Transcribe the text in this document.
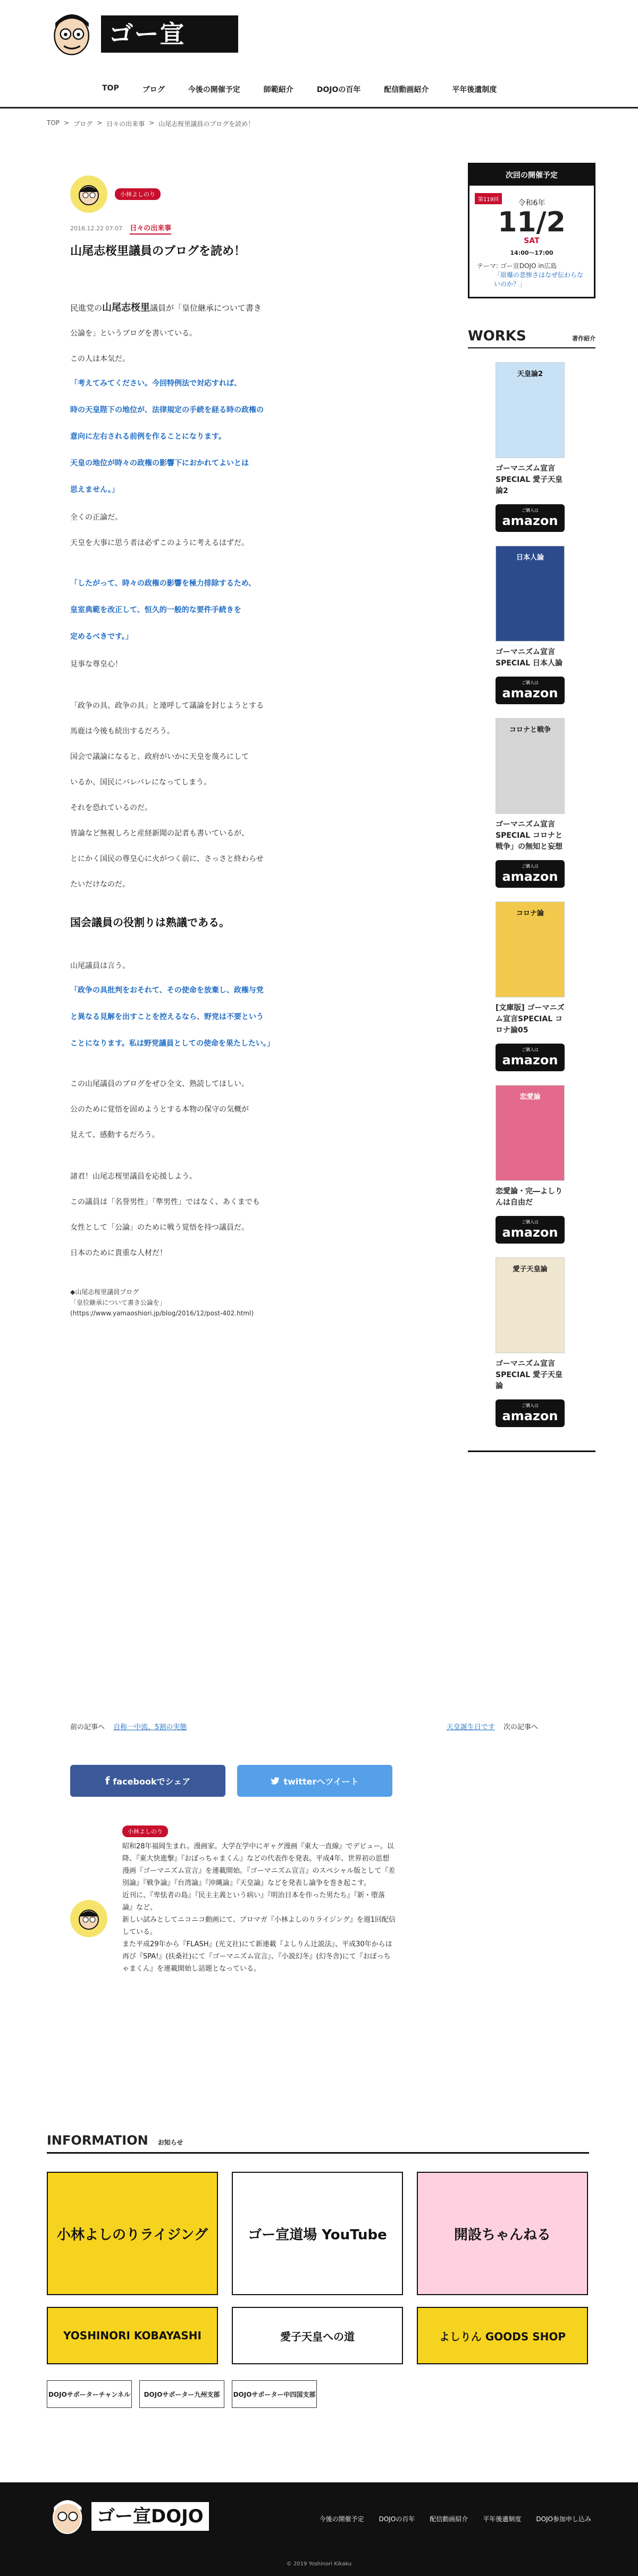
ゴー宣DOJO
TOP	ブログ	今後の開催予定	師範紹介	DOJOの百年	配信動画紹介	平年後遺制度
TOP > ブログ > 日々の出来事 > 山尾志桜里議員のブログを読め！
小林よしのり
2016.12.22 07:07 日々の出来事
山尾志桜里議員のブログを読め！

民進党の山尾志桜里議員が「皇位継承について書き

公論を」というブログを書いている。

この人は本気だ。

「考えてみてください。今回特例法で対応すれば、

時の天皇陛下の地位が、法律規定の手続を経る時の政権の

意向に左右される前例を作ることになります。

天皇の地位が時々の政権の影響下におかれてよいとは

思えません。」

全くの正論だ。

天皇を大事に思う者は必ずこのように考えるはずだ。

「したがって、時々の政権の影響を極力排除するため、

皇室典範を改正して、恒久的一般的な要件手続きを

定めるべきです。」

見事な尊皇心！

「政争の具、政争の具」と連呼して議論を封じようとする

馬鹿は今後も続出するだろう。

国会で議論になると、政府がいかに天皇を蔑ろにして

いるか、国民にバレバレになってしまう。

それを恐れているのだ。

皆論など無視しろと産経新聞の記者も書いているが、

とにかく国民の尊皇心に火がつく前に、さっさと終わらせ

たいだけなのだ。

国会議員の役割りは熟議である。

山尾議員は言う。

「政争の具批判をおそれて、その使命を放棄し、政権与党

と異なる見解を出すことを控えるなら、野党は不要という

ことになります。私は野党議員としての使命を果たしたい。」

この山尾議員のブログをぜひ全文、熟読してほしい。

公のために覚悟を固めようとする本物の保守の気概が

見えて、感動するだろう。

諸君！山尾志桜里議員を応援しよう。

この議員は「名誉男性」「準男性」ではなく、あくまでも

女性として「公論」のために戦う覚悟を持つ議員だ。

日本のために貴重な人材だ！

◆山尾志桜里議員ブログ

「皇位継承について書き公論を」

(https://www.yamaoshiori.jp/blog/2016/12/post-402.html)
前の記事へ 自称一中流、5割の実態	天皇誕生日です 次の記事へ
f facebookでシェア	twitterへツイート
小林よしのり
昭和28年福岡生まれ。漫画家。大学在学中にギャグ漫画『東大一直線』でデビュー。以
降、『東大快進撃』『おぼっちゃまくん』などの代表作を発表。平成4年、世界初の思想
漫画『ゴーマニズム宣言』を連載開始。『ゴーマニズム宣言』のスペシャル版として『差
別論』『戦争論』『台湾論』『沖縄論』『天皇論』などを発表し論争を巻き起こす。
近刊に、『卑怯者の島』『民主主義という病い』『明治日本を作った男たち』『新・堕落
論』など。
新しい試みとしてニコニコ動画にて、ブロマガ『小林よしのりライジング』を週1回配信
している。
また平成29年から『FLASH』(光文社)にて新連載『よしりん辻説法』、平成30年からは
再び『SPA!』(扶桑社)にて『ゴーマニズム宣言』、『小説幻冬』(幻冬舎)にて『おぼっち
ゃまくん』を連載開始し話題となっている。
次回の開催予定
第119回	令和6年
11/2
SAT
14:00〜17:00
テーマ: ゴー宣DOJO in広島
「原爆の悲惨さはなぜ伝わらないのか？」
WORKS	著作紹介
天皇論2
ゴーマニズム宣言SPECIAL 愛子天皇論2
ご購入は
amazon
日本人論
ゴーマニズム宣言SPECIAL 日本人論
ご購入は
amazon
コロナと戦争
ゴーマニズム宣言SPECIAL コロナと戦争」の無知と妄想
ご購入は
amazon
コロナ論
[文庫版] ゴーマニズム宣言SPECIAL コロナ論05
ご購入は
amazon
恋愛論
恋愛論・完―よしりんは自由だ
ご購入は
amazon
愛子天皇論
ゴーマニズム宣言SPECIAL 愛子天皇論
ご購入は
amazon
INFORMATION お知らせ
小林よしのりライジング	ゴー宣道場 YouTube	開設ちゃんねる
YOSHINORI KOBAYASHI	愛子天皇への道	よしりん GOODS SHOP
DOJOサポーターチャンネル	DOJOサポーター九州支部	DOJOサポーター中四国支部
ゴー宣DOJO	今後の開催予定 DOJOの百年 配信動画紹介 平年後遺制度 DOJO参加申し込み
© 2019 Yoshinori Kikaku
